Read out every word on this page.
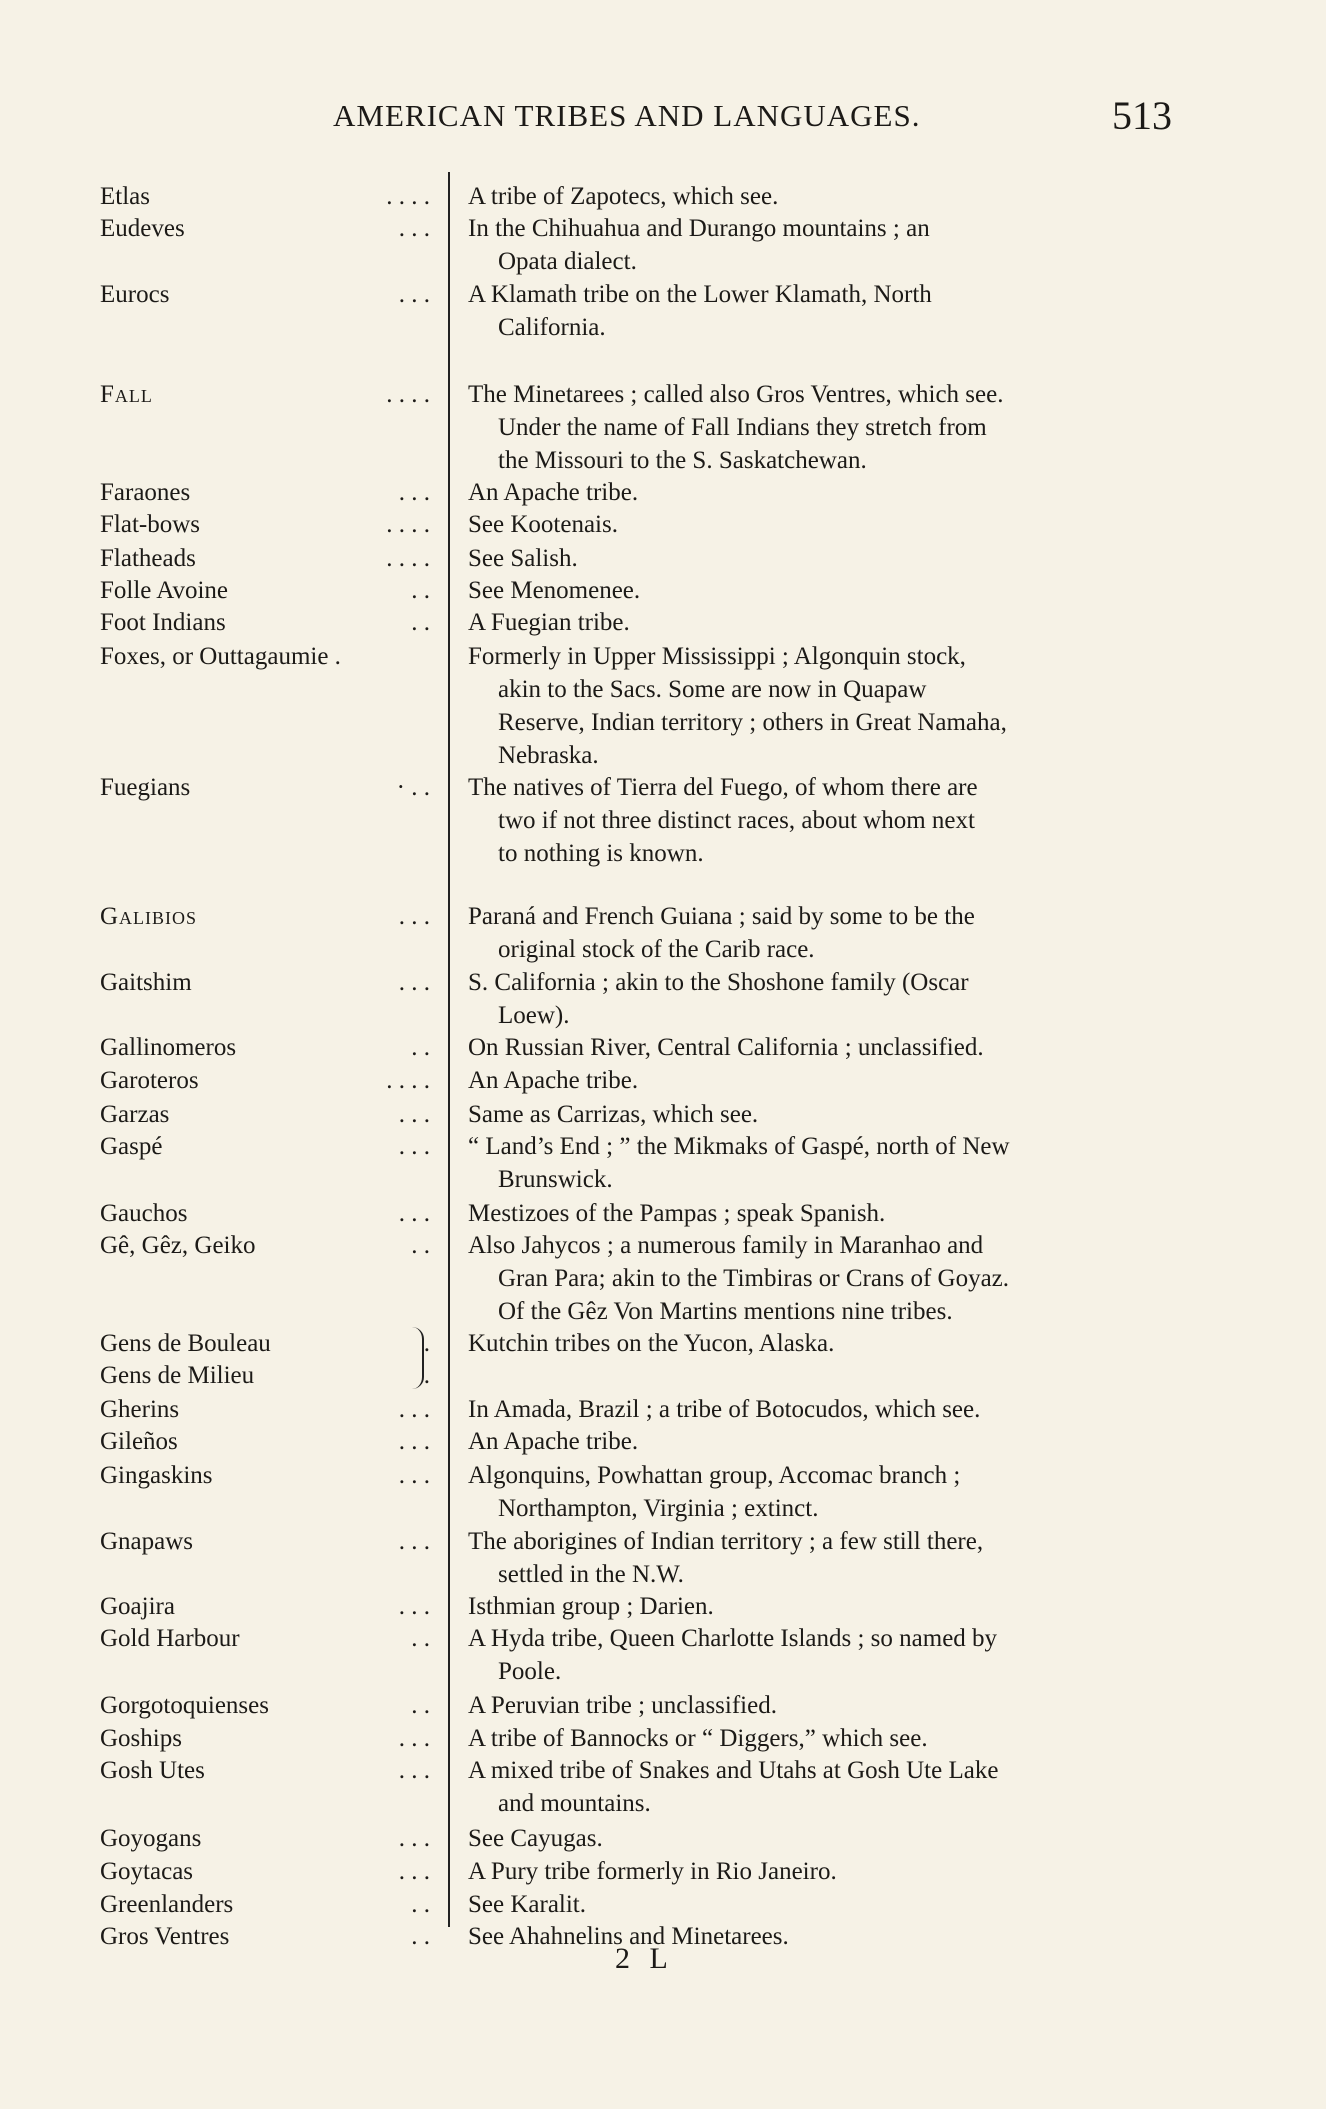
AMERICAN TRIBES AND LANGUAGES.	513
Etlas	. . . . A tribe of Zapotecs, which see.
Eudeves	. . . In the Chihuahua and Durango mountains ; an
Opata dialect.
Eurocs	. . . A Klamath tribe on the Lower Klamath, North
California.
Fall	. . . . The Minetarees ; called also Gros Ventres, which see.
Under the name of Fall Indians they stretch from
the Missouri to the S. Saskatchewan.
Faraones	. . . An Apache tribe.
Flat-bows	. . . . See Kootenais.
Flatheads	. . . . See Salish.
Folle Avoine	. . See Menomenee.
Foot Indians	. . A Fuegian tribe.
Foxes, or Outtagaumie .	Formerly in Upper Mississippi ; Algonquin stock,
akin to the Sacs. Some are now in Quapaw
Reserve, Indian territory ; others in Great Namaha,
Nebraska.
Fuegians	· . . The natives of Tierra del Fuego, of whom there are
two if not three distinct races, about whom next
to nothing is known.
Galibios	. . . Paraná and French Guiana ; said by some to be the
original stock of the Carib race.
Gaitshim	. . . S. California ; akin to the Shoshone family (Oscar
Loew).
Gallinomeros	. . On Russian River, Central California ; unclassified.
Garoteros	. . . . An Apache tribe.
Garzas	. . . Same as Carrizas, which see.
Gaspé	. . . “ Land’s End ; ” the Mikmaks of Gaspé, north of New
Brunswick.
Gauchos	. . . Mestizoes of the Pampas ; speak Spanish.
Gê, Gêz, Geiko	. . Also Jahycos ; a numerous family in Maranhao and
Gran Para; akin to the Timbiras or Crans of Goyaz.
Of the Gêz Von Martins mentions nine tribes.
Gens de Bouleau	. Kutchin tribes on the Yucon, Alaska.
Gens de Milieu	.
Gherins	. . . In Amada, Brazil ; a tribe of Botocudos, which see.
Gileños	. . . An Apache tribe.
Gingaskins	. . . Algonquins, Powhattan group, Accomac branch ;
Northampton, Virginia ; extinct.
Gnapaws	. . . The aborigines of Indian territory ; a few still there,
settled in the N.W.
Goajira	. . . Isthmian group ; Darien.
Gold Harbour	. . A Hyda tribe, Queen Charlotte Islands ; so named by
Poole.
Gorgotoquienses	. . A Peruvian tribe ; unclassified.
Goships	. . . A tribe of Bannocks or “ Diggers,” which see.
Gosh Utes	. . . A mixed tribe of Snakes and Utahs at Gosh Ute Lake
and mountains.
Goyogans	. . . See Cayugas.
Goytacas	. . . A Pury tribe formerly in Rio Janeiro.
Greenlanders	. . See Karalit.
Gros Ventres	. . See Ahahnelins and Minetarees.
2 L
